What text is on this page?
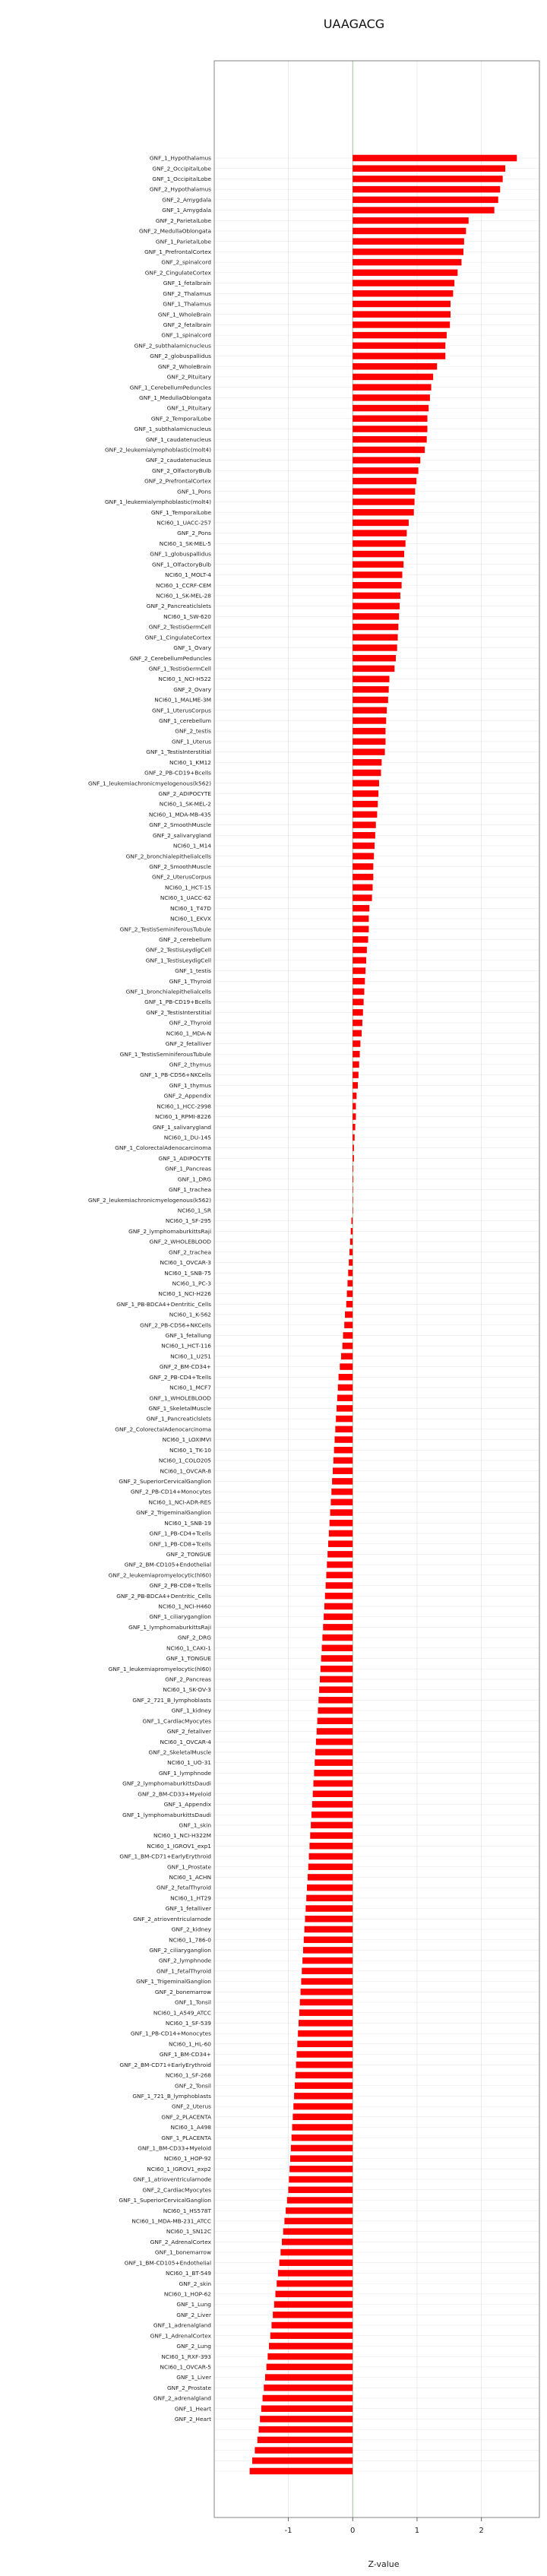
UAAGACG
GNF_1_Hypothalamus
GNF_2_OccipitalLobe
GNF_1_OccipitalLobe
GNF_2_Hypothalamus
GNF_2_Amygdala
GNF_1_Amygdala
GNF_2_ParietalLobe
GNF_2_MedullaOblongata
GNF_1_ParietalLobe
GNF_1_PrefrontalCortex
GNF_2_spinalcord
GNF_2_CingulateCortex
GNF_1_fetalbrain
GNF_2_Thalamus
GNF_1_Thalamus
GNF_1_WholeBrain
GNF_2_fetalbrain
GNF_1_spinalcord
GNF_2_subthalamicnucleus
GNF_2_globuspallidus
GNF_2_WholeBrain
GNF_2_Pituitary
GNF_1_CerebellumPeduncles
GNF_1_MedullaOblongata
GNF_1_Pituitary
GNF_2_TemporalLobe
GNF_1_subthalamicnucleus
GNF_1_caudatenucleus
GNF_2_leukemialymphoblastic(molt4)
GNF_2_caudatenucleus
GNF_2_OlfactoryBulb
GNF_2_PrefrontalCortex
GNF_1_Pons
GNF_1_leukemialymphoblastic(molt4)
GNF_1_TemporalLobe
NCI60_1_UACC-257
GNF_2_Pons
NCI60_1_SK-MEL-5
GNF_1_globuspallidus
GNF_1_OlfactoryBulb
NCI60_1_MOLT-4
NCI60_1_CCRF-CEM
NCI60_1_SK-MEL-28
GNF_2_Pancreaticlslets
NCI60_1_SW-620
GNF_2_TestisGermCell
GNF_1_CingulateCortex
GNF_1_Ovary
GNF_2_CerebellumPeduncles
GNF_1_TestisGermCell
NCI60_1_NCI-H522
GNF_2_Ovary
NCI60_1_MALME-3M
GNF_1_UterusCorpus
GNF_1_cerebellum
GNF_2_testis
GNF_1_Uterus
GNF_1_TestisInterstitial
NCI60_1_KM12
GNF_2_PB-CD19+Bcells
GNF_1_leukemiachronicmyelogenous(k562)
GNF_2_ADIPOCYTE
NCI60_1_SK-MEL-2
NCI60_1_MDA-MB-435
GNF_2_SmoothMuscle
GNF_2_salivarygland
NCI60_1_M14
GNF_2_bronchialepithelialcells
GNF_2_SmoothMuscle
GNF_2_UterusCorpus
NCI60_1_HCT-15
NCI60_1_UACC-62
NCI60_1_T47D
NCI60_1_EKVX
GNF_2_TestisSeminiferousTubule
GNF_2_cerebellum
GNF_2_TestisLeydigCell
GNF_1_TestisLeydigCell
GNF_1_testis
GNF_1_Thyroid
GNF_1_bronchialepithelialcells
GNF_1_PB-CD19+Bcells
GNF_2_TestisInterstitial
GNF_2_Thyroid
NCI60_1_MDA-N
GNF_2_fetalliver
GNF_1_TestisSeminiferousTubule
GNF_2_thymus
GNF_1_PB-CD56+NKCells
GNF_1_thymus
GNF_2_Appendix
NCI60_1_HCC-2998
NCI60_1_RPMI-8226
GNF_1_salivarygland
NCI60_1_DU-145
GNF_1_ColorectalAdenocarcinoma
GNF_1_ADIPOCYTE
GNF_1_Pancreas
GNF_1_DRG
GNF_1_trachea
GNF_2_leukemiachronicmyelogenous(k562)
NCI60_1_SR
NCI60_1_SF-295
GNF_2_lymphomaburkittsRaji
GNF_2_WHOLEBLOOD
GNF_2_trachea
NCI60_1_OVCAR-3
NCI60_1_SNB-75
NCI60_1_PC-3
NCI60_1_NCI-H226
GNF_1_PB-BDCA4+Dentritic_Cells
NCI60_1_K-562
GNF_2_PB-CD56+NKCells
GNF_1_fetallung
NCI60_1_HCT-116
NCI60_1_U251
GNF_2_BM-CD34+
GNF_2_PB-CD4+Tcells
NCI60_1_MCF7
GNF_1_WHOLEBLOOD
GNF_1_SkeletalMuscle
GNF_1_Pancreaticlslets
GNF_2_ColorectalAdenocarcinoma
NCI60_1_LOXIMVI
NCI60_1_TK-10
NCI60_1_COLO205
NCI60_1_OVCAR-8
GNF_2_SuperiorCervicalGanglion
GNF_2_PB-CD14+Monocytes
NCI60_1_NCI-ADR-RES
GNF_2_TrigeminalGanglion
NCI60_1_SNB-19
GNF_1_PB-CD4+Tcells
GNF_1_PB-CD8+Tcells
GNF_2_TONGUE
GNF_2_BM-CD105+Endothelial
GNF_2_leukemiapromyelocytic(hl60)
GNF_2_PB-CD8+Tcells
GNF_2_PB-BDCA4+Dentritic_Cells
NCI60_1_NCI-H460
GNF_1_ciliaryganglion
GNF_1_lymphomaburkittsRaji
GNF_2_DRG
NCI60_1_CAKI-1
GNF_1_TONGUE
GNF_1_leukemiapromyelocytic(hl60)
GNF_2_Pancreas
NCI60_1_SK-OV-3
GNF_2_721_B_lymphoblasts
GNF_1_kidney
GNF_1_CardiacMyocytes
GNF_2_fetallver
NCI60_1_OVCAR-4
GNF_2_SkeletalMuscle
NCI60_1_UO-31
GNF_1_lymphnode
GNF_2_lymphomaburkittsDaudi
GNF_2_BM-CD33+Myeloid
GNF_1_Appendix
GNF_1_lymphomaburkittsDaudi
GNF_1_skin
NCI60_1_NCI-H322M
NCI60_1_IGROV1_exp1
GNF_1_BM-CD71+EarlyErythroid
GNF_1_Prostate
NCI60_1_ACHN
GNF_2_fetalThyroid
NCI60_1_HT29
GNF_1_fetalliver
GNF_2_atrioventricularnode
GNF_2_kidney
NCI60_1_786-0
GNF_2_ciliaryganglion
GNF_2_lymphnode
GNF_1_fetalThyroid
GNF_1_TrigeminalGanglion
GNF_2_bonemarrow
GNF_1_Tonsil
NCI60_1_A549_ATCC
NCI60_1_SF-539
GNF_1_PB-CD14+Monocytes
NCI60_1_HL-60
GNF_1_BM-CD34+
GNF_2_BM-CD71+EarlyErythroid
NCI60_1_SF-268
GNF_2_Tonsil
GNF_1_721_B_lymphoblasts
GNF_2_Uterus
GNF_2_PLACENTA
NCI60_1_A498
GNF_1_PLACENTA
GNF_1_BM-CD33+Myeloid
NCI60_1_HOP-92
NCI60_1_IGROV1_exp2
GNF_1_atrioventricularnode
GNF_2_CardiacMyocytes
GNF_1_SuperiorCervicalGanglion
NCI60_1_HS578T
NCI60_1_MDA-MB-231_ATCC
NCI60_1_SN12C
GNF_2_AdrenalCortex
GNF_1_bonemarrow
GNF_1_BM-CD105+Endothelial
NCI60_1_BT-549
GNF_2_skin
NCI60_1_HOP-62
GNF_1_Lung
GNF_2_Liver
GNF_1_adrenalgland
GNF_1_AdrenalCortex
GNF_2_Lung
NCI60_1_RXF-393
NCI60_1_OVCAR-5
GNF_1_Liver
GNF_2_Prostate
GNF_2_adrenalgland
GNF_1_Heart
GNF_2_Heart
-1	0	1	2
Z-value
